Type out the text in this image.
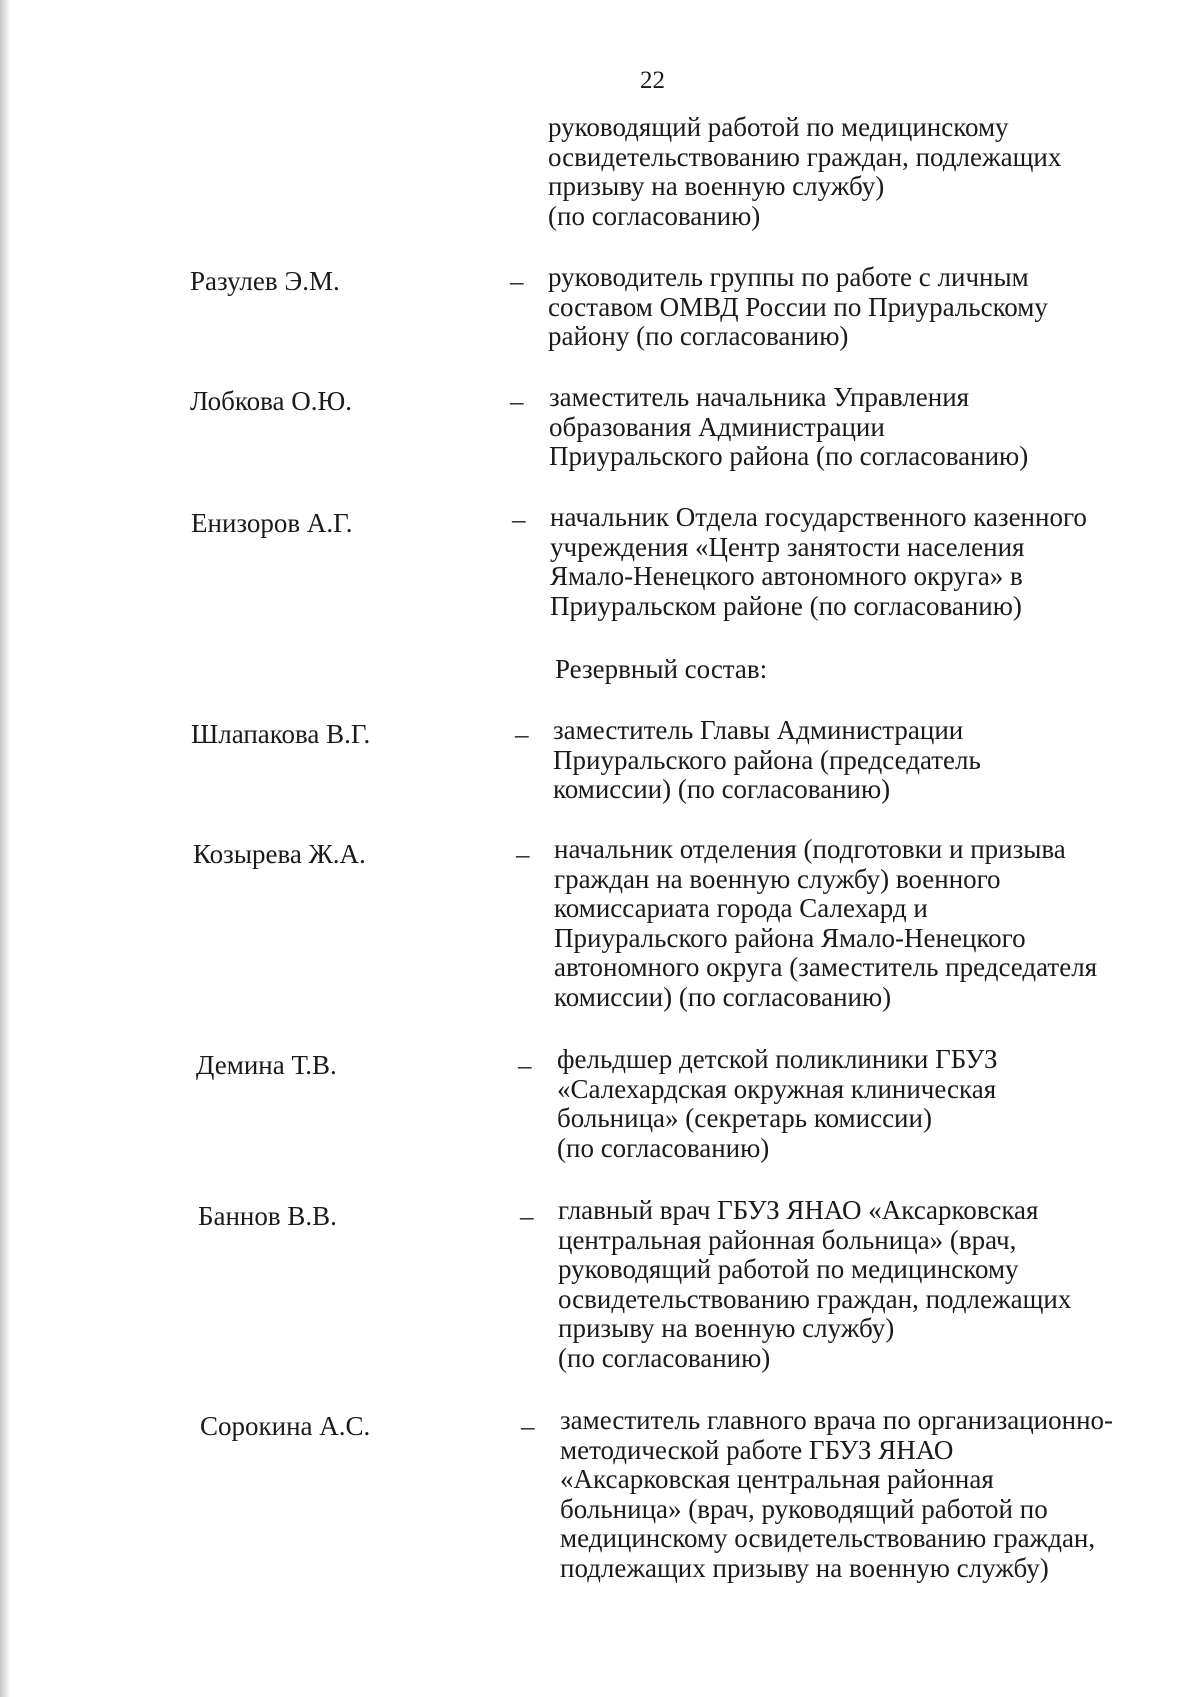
22
руководящий работой по медицинскому
освидетельствованию граждан, подлежащих
призыву на военную службу)
(по согласованию)
Разулев Э.М.	– руководитель группы по работе с личным
составом ОМВД России по Приуральскому
району (по согласованию)
Лобкова О.Ю.	– заместитель начальника Управления
образования Администрации
Приуральского района (по согласованию)
Енизоров А.Г.	– начальник Отдела государственного казенного
учреждения «Центр занятости населения
Ямало-Ненецкого автономного округа» в
Приуральском районе (по согласованию)
Резервный состав:
Шлапакова В.Г.	– заместитель Главы Администрации
Приуральского района (председатель
комиссии) (по согласованию)
Козырева Ж.А.	– начальник отделения (подготовки и призыва
граждан на военную службу) военного
комиссариата города Салехард и
Приуральского района Ямало-Ненецкого
автономного округа (заместитель председателя
комиссии) (по согласованию)
Демина Т.В.	– фельдшер детской поликлиники ГБУЗ
«Салехардская окружная клиническая
больница» (секретарь комиссии)
(по согласованию)
Баннов В.В.	– главный врач ГБУЗ ЯНАО «Аксарковская
центральная районная больница» (врач,
руководящий работой по медицинскому
освидетельствованию граждан, подлежащих
призыву на военную службу)
(по согласованию)
Сорокина А.С.	– заместитель главного врача по организационно-
методической работе ГБУЗ ЯНАО
«Аксарковская центральная районная
больница» (врач, руководящий работой по
медицинскому освидетельствованию граждан,
подлежащих призыву на военную службу)
